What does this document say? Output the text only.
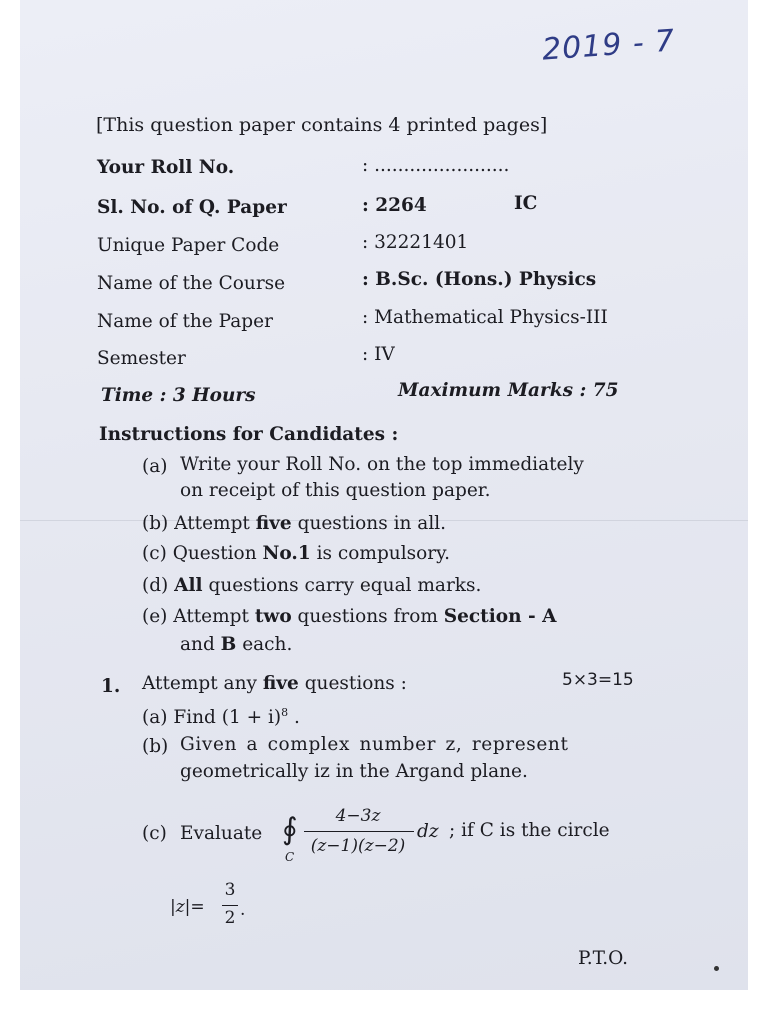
2019 - 7
[This question paper contains 4 printed pages]
Your Roll No.	: .......................
Sl. No. of Q. Paper	: 2264	IC
Unique Paper Code	: 32221401
Name of the Course	: B.Sc. (Hons.) Physics
Name of the Paper	: Mathematical Physics-III
Semester	: IV
Time : 3 Hours	Maximum Marks : 75
Instructions for Candidates :
(a) Write your Roll No. on the top immediately
on receipt of this question paper.
(b) Attempt five questions in all.
(c) Question No.1 is compulsory.
(d) All questions carry equal marks.
(e) Attempt two questions from Section - A
and B each.
1. Attempt any five questions :	5×3=15
(a) Find $(1 + i)^8$ .
(b) Given a complex number z, represent
geometrically iz in the Argand plane.
(c) Evaluate ∮
C
4−3z
(z−1)(z−2)
dz ; if C is the circle
|z|=
3
2 .
P.T.O.
